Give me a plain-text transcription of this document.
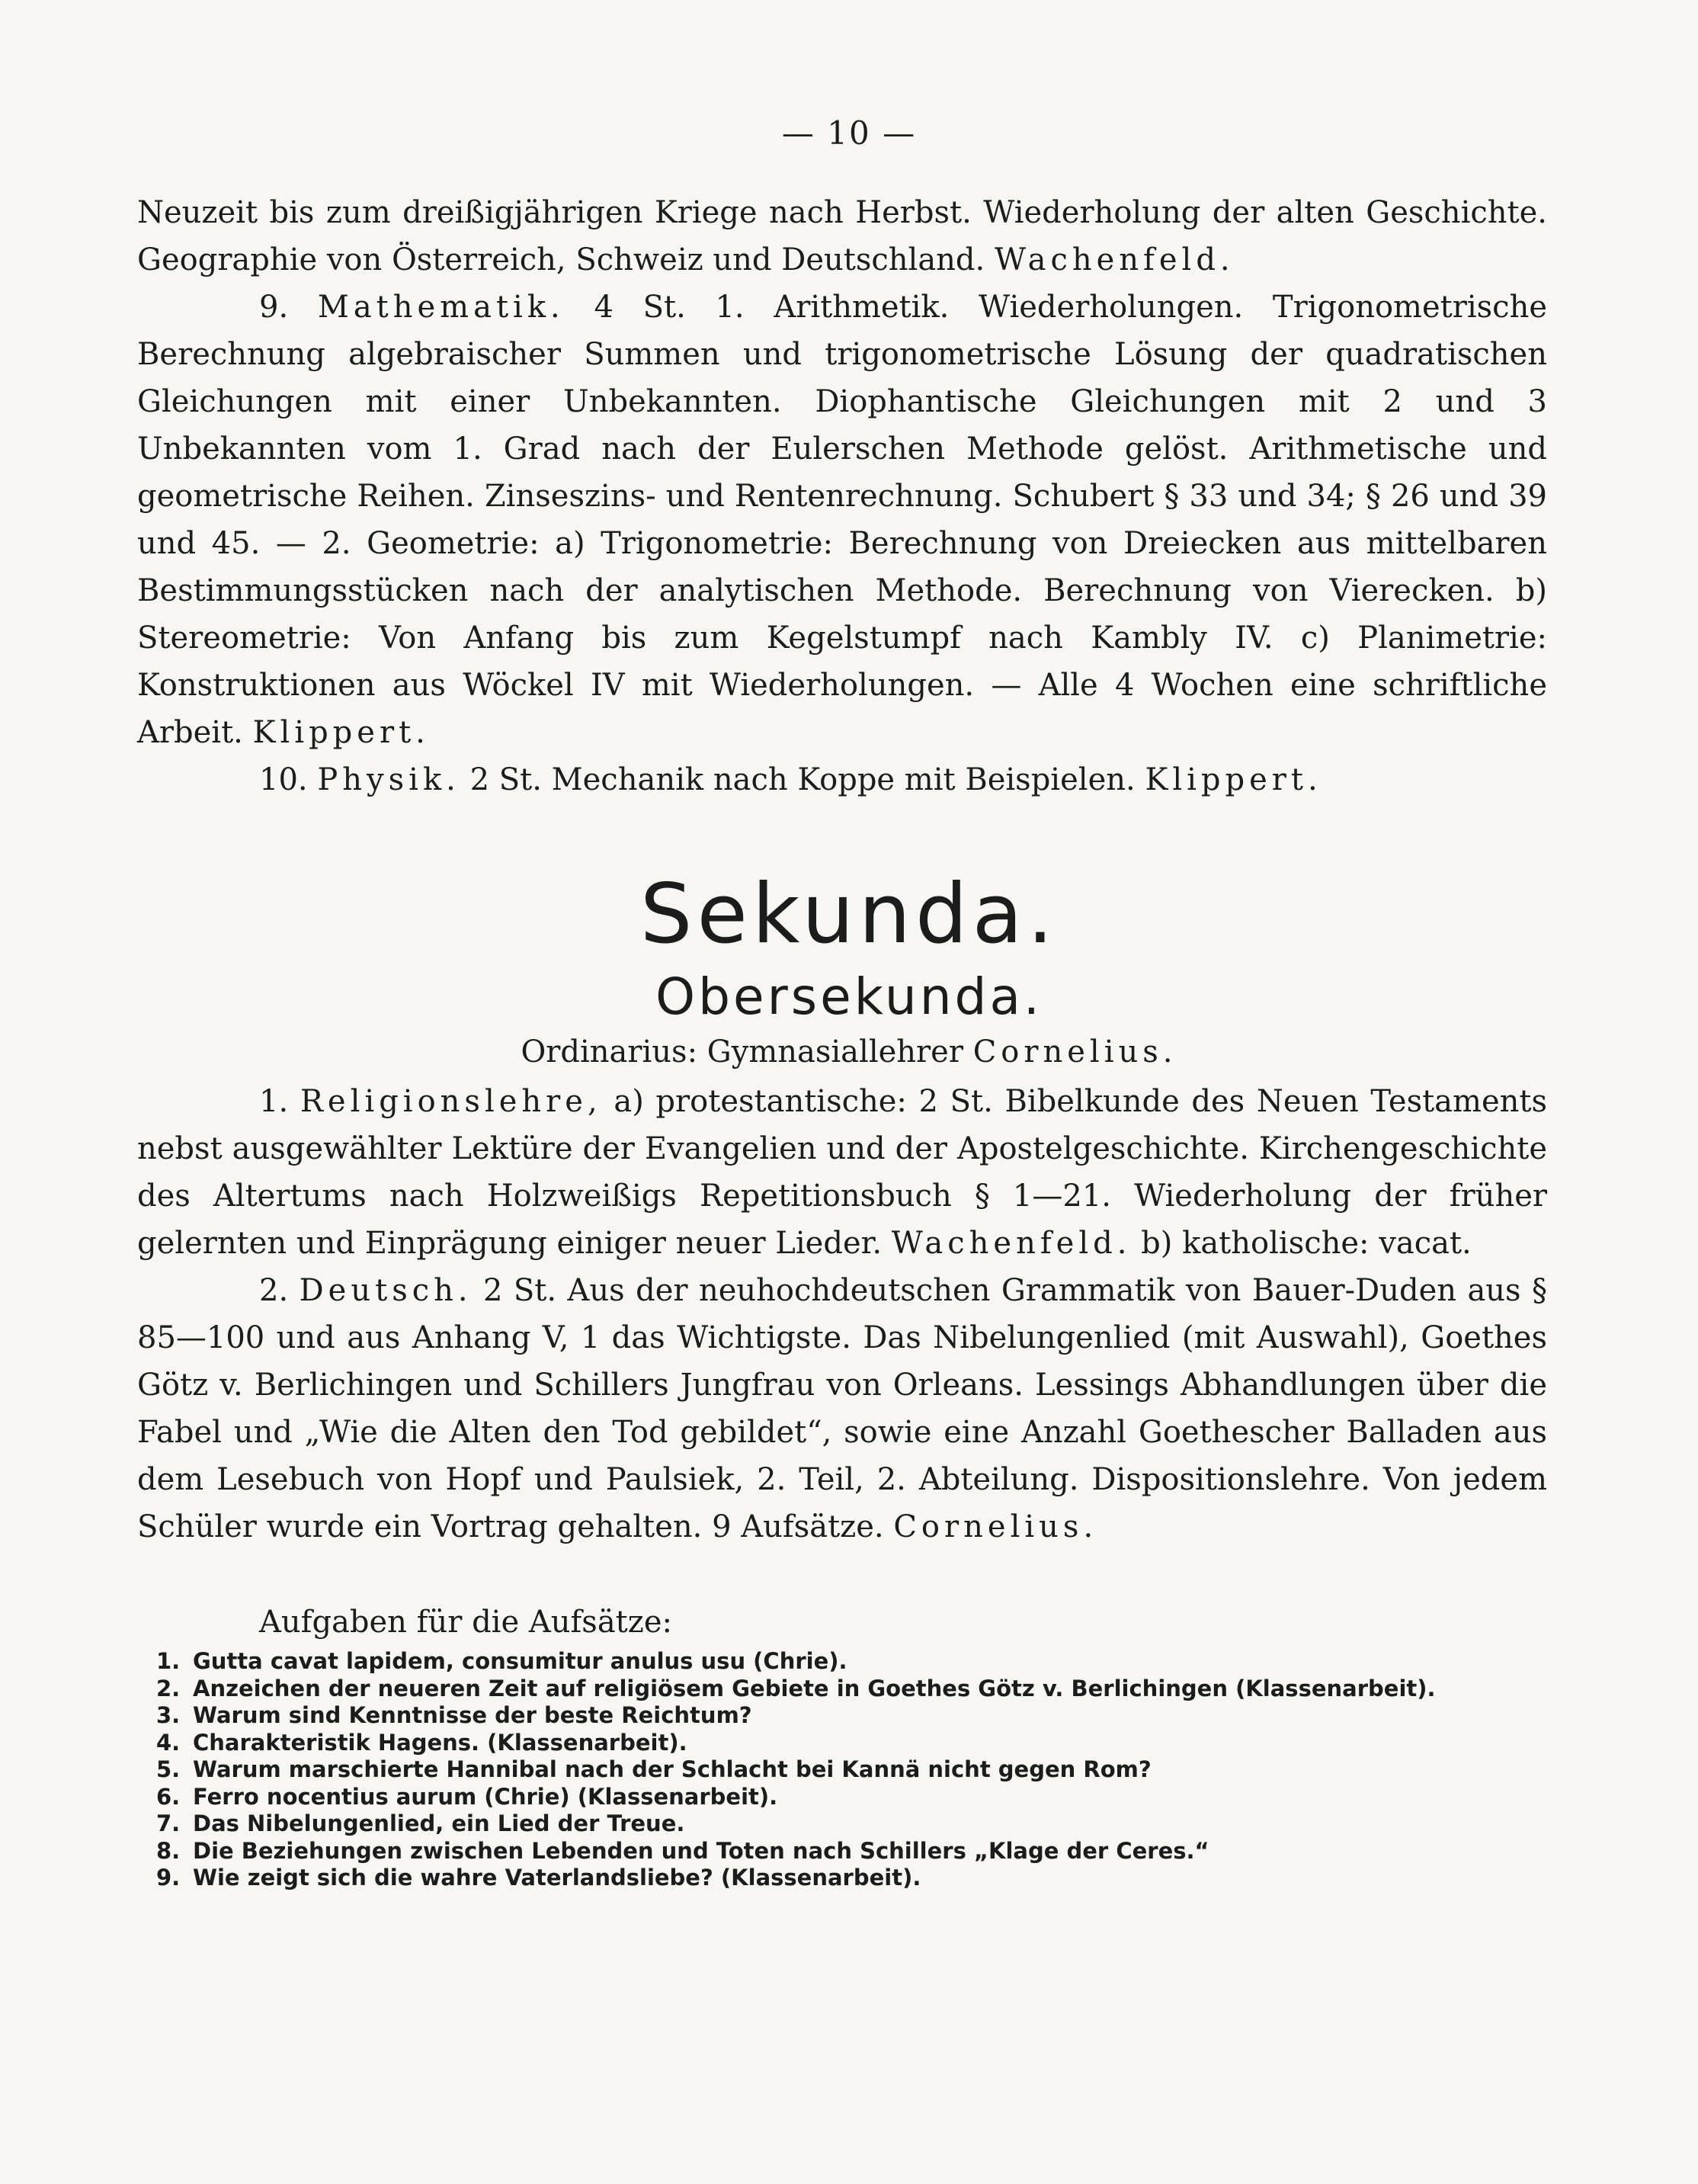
— 10 —

Neuzeit bis zum dreißigjährigen Kriege nach Herbst. Wiederholung der alten Geschichte. Geographie von Österreich, Schweiz und Deutschland. Wachenfeld.

9. Mathematik. 4 St. 1. Arithmetik. Wiederholungen. Trigonometrische Berechnung algebraischer Summen und trigonometrische Lösung der quadratischen Gleichungen mit einer Unbekannten. Diophantische Gleichungen mit 2 und 3 Unbekannten vom 1. Grad nach der Eulerschen Methode gelöst. Arithmetische und geometrische Reihen. Zinseszins- und Rentenrechnung. Schubert § 33 und 34; § 26 und 39 und 45. — 2. Geometrie: a) Trigonometrie: Berechnung von Dreiecken aus mittelbaren Bestimmungsstücken nach der analytischen Methode. Berechnung von Vierecken. b) Stereometrie: Von Anfang bis zum Kegelstumpf nach Kambly IV. c) Planimetrie: Konstruktionen aus Wöckel IV mit Wiederholungen. — Alle 4 Wochen eine schriftliche Arbeit. Klippert.

10. Physik. 2 St. Mechanik nach Koppe mit Beispielen. Klippert.

Sekunda.
Obersekunda.
Ordinarius: Gymnasiallehrer Cornelius.

1. Religionslehre, a) protestantische: 2 St. Bibelkunde des Neuen Testaments nebst ausgewählter Lektüre der Evangelien und der Apostelgeschichte. Kirchengeschichte des Altertums nach Holzweißigs Repetitionsbuch § 1—21. Wiederholung der früher gelernten und Einprägung einiger neuer Lieder. Wachenfeld. b) katholische: vacat.

2. Deutsch. 2 St. Aus der neuhochdeutschen Grammatik von Bauer-Duden aus § 85—100 und aus Anhang V, 1 das Wichtigste. Das Nibelungenlied (mit Auswahl), Goethes Götz v. Berlichingen und Schillers Jungfrau von Orleans. Lessings Abhandlungen über die Fabel und „Wie die Alten den Tod gebildet“, sowie eine Anzahl Goethescher Balladen aus dem Lesebuch von Hopf und Paulsiek, 2. Teil, 2. Abteilung. Dispositionslehre. Von jedem Schüler wurde ein Vortrag gehalten. 9 Aufsätze. Cornelius.

Aufgaben für die Aufsätze:
1. Gutta cavat lapidem, consumitur anulus usu (Chrie).
2. Anzeichen der neueren Zeit auf religiösem Gebiete in Goethes Götz v. Berlichingen (Klassenarbeit).
3. Warum sind Kenntnisse der beste Reichtum?
4. Charakteristik Hagens. (Klassenarbeit).
5. Warum marschierte Hannibal nach der Schlacht bei Kannä nicht gegen Rom?
6. Ferro nocentius aurum (Chrie) (Klassenarbeit).
7. Das Nibelungenlied, ein Lied der Treue.
8. Die Beziehungen zwischen Lebenden und Toten nach Schillers „Klage der Ceres.“
9. Wie zeigt sich die wahre Vaterlandsliebe? (Klassenarbeit).
